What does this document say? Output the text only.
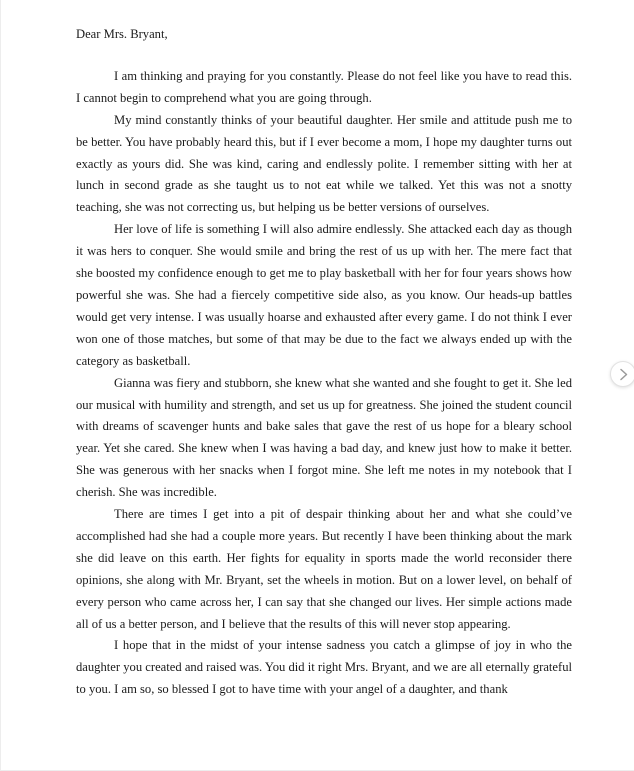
Dear Mrs. Bryant,

I am thinking and praying for you constantly. Please do not feel like you have to read this. I cannot begin to comprehend what you are going through.

My mind constantly thinks of your beautiful daughter. Her smile and attitude push me to be better. You have probably heard this, but if I ever become a mom, I hope my daughter turns out exactly as yours did. She was kind, caring and endlessly polite. I remember sitting with her at lunch in second grade as she taught us to not eat while we talked. Yet this was not a snotty teaching, she was not correcting us, but helping us be better versions of ourselves.

Her love of life is something I will also admire endlessly. She attacked each day as though it was hers to conquer. She would smile and bring the rest of us up with her. The mere fact that she boosted my confidence enough to get me to play basketball with her for four years shows how powerful she was. She had a fiercely competitive side also, as you know. Our heads-up battles would get very intense. I was usually hoarse and exhausted after every game. I do not think I ever won one of those matches, but some of that may be due to the fact we always ended up with the category as basketball.

Gianna was fiery and stubborn, she knew what she wanted and she fought to get it. She led our musical with humility and strength, and set us up for greatness. She joined the student council with dreams of scavenger hunts and bake sales that gave the rest of us hope for a bleary school year. Yet she cared. She knew when I was having a bad day, and knew just how to make it better. She was generous with her snacks when I forgot mine. She left me notes in my notebook that I cherish. She was incredible.

There are times I get into a pit of despair thinking about her and what she could’ve accomplished had she had a couple more years. But recently I have been thinking about the mark she did leave on this earth. Her fights for equality in sports made the world reconsider there opinions, she along with Mr. Bryant, set the wheels in motion. But on a lower level, on behalf of every person who came across her, I can say that she changed our lives. Her simple actions made all of us a better person, and I believe that the results of this will never stop appearing.

I hope that in the midst of your intense sadness you catch a glimpse of joy in who the daughter you created and raised was. You did it right Mrs. Bryant, and we are all eternally grateful to you. I am so, so blessed I got to have time with your angel of a daughter, and thank
